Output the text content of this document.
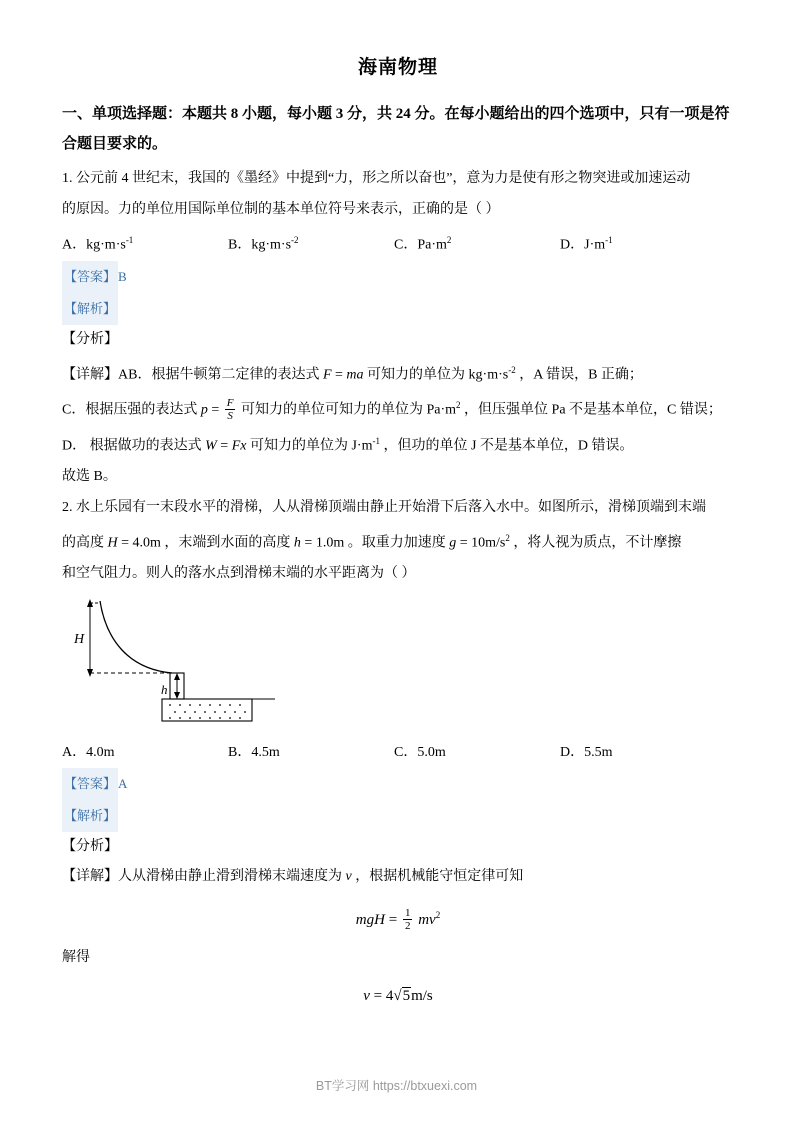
海南物理
一、单项选择题：本题共 8 小题，每小题 3 分，共 24 分。在每小题给出的四个选项中，只有一项是符合题目要求的。

1. 公元前 4 世纪末，我国的《墨经》中提到“力，形之所以奋也”，意为力是使有形之物突进或加速运动

的原因。力的单位用国际单位制的基本单位符号来表示，正确的是（ ）

A．$kg\cdot m\cdot s^{-1}$	B．$kg\cdot m\cdot s^{-2}$	C．$Pa\cdot m^2$	D．$J\cdot m^{-1}$

【答案】 B

【解析】

【分析】

【详解】AB．根据牛顿第二定律的表达式 F = ma 可知力的单位为 $kg\cdot m\cdot s^{-2}$ ，A 错误，B 正确；

C．根据压强的表达式 $p = \frac{F}{S}$ 可知力的单位可知力的单位为 $Pa\cdot m^2$ ，但压强单位 Pa 不是基本单位，C 错误；

D． 根据做功的表达式 W = Fx 可知力的单位为 $J\cdot m^{-1}$ ，但功的单位 J 不是基本单位，D 错误。

故选 B。

2. 水上乐园有一末段水平的滑梯，人从滑梯顶端由静止开始滑下后落入水中。如图所示，滑梯顶端到末端

的高度 H = 4.0m ，末端到水面的高度 h = 1.0m 。取重力加速度 $g = 10m/s^2$ ，将人视为质点，不计摩擦

和空气阻力。则人的落水点到滑梯末端的水平距离为（ ）

H
h
A．4.0m	B．4.5m	C．5.0m	D．5.5m

【答案】 A

【解析】

【分析】

【详解】人从滑梯由静止滑到滑梯末端速度为 v ，根据机械能守恒定律可知

mgH = $\frac{1}{2} mv^2$

解得

v = 4√5m/s
BT学习网 https://btxuexi.com
